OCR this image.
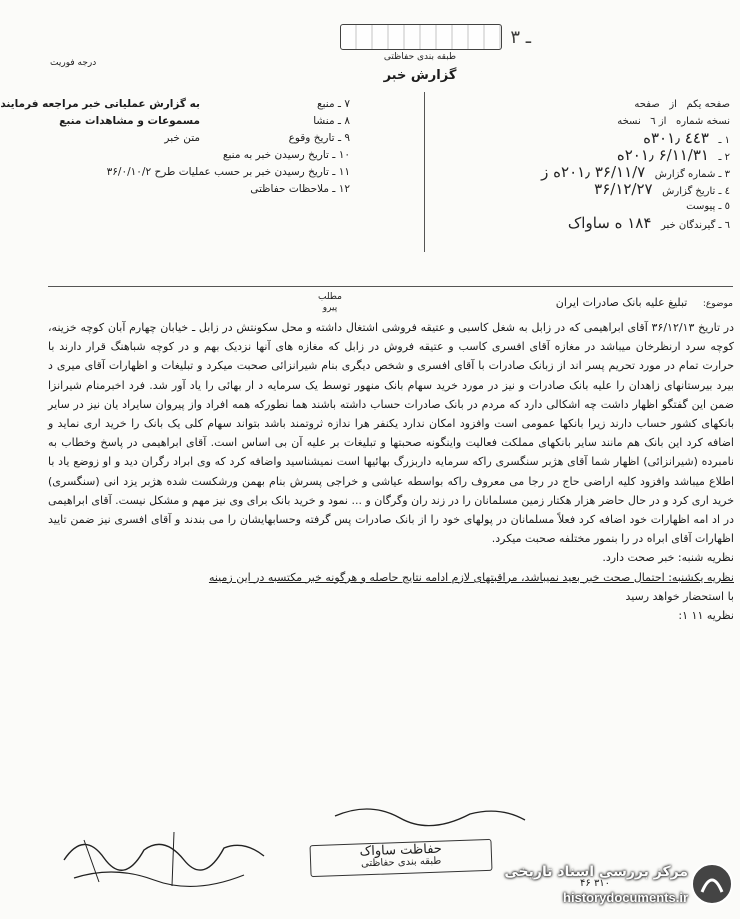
ـ ٣
طبقه بندی حفاظتی
گزارش خبر
درجه فوریت
صفحه یکم   از   صفحه
نسخه شماره   از ٦   نسخه
١ ـ   ٤٤٣ ۳۰۱٫ه
٢ ـ   ۶/۱۱/۳۱ ۲۰۱٫ه
٣ ـ شماره گزارش   ۳۶/۱۱/۷ ۲۰۱٫ه ز
٤ ـ تاریخ گزارش   ۳۶/۱۲/۲۷
٥ ـ پیوست
٦ ـ گیرندگان خبر   ۱۸۴ ه ساواک
٧ ـ منبعبه گزارش عملیاتی خبر مراجعه فرمایند
٨ ـ منشامسموعات و مشاهدات منبع
٩ ـ تاریخ وقوعمتن خبر
١٠ ـ تاریخ رسیدن خبر به منبع
١١ ـ تاریخ رسیدن خبر بر حسب عملیات طرح ۳۶/۰/۱۰/۲
١٢ ـ ملاحظات حفاظتی
مطلب
پیرو	موضوع: تبلیغ علیه بانک صادرات ایران

در تاریخ ۳۶/۱۲/۱۳ آقای ابراهیمی که در زابل به شغل کاسبی و عتیقه فروشی اشتغال داشته و محل سکونتش در زابل ـ خیابان چهارم آبان کوچه خزینه، کوچه سرد ارنظرخان میباشد در مغازه آقای افسری کاسب و عتیقه فروش در زابل که مغازه های آنها نزدیک بهم و در کوچه شباهنگ قرار دارند با حرارت تمام در مورد تحریم پسر اند از زبانک صادرات با آقای افسری و شخص دیگری بنام شیرانزائی صحبت میکرد و تبلیغات و اظهارات آقای میری د بیرد بیرستانهای زاهدان را علیه بانک صادرات و نیز در مورد خرید سهام بانک منهور توسط یک سرمایه د ار بهائی را یاد آور شد. فرد اخبرمنام شیرانزا ضمن این گفتگو اظهار داشت چه اشکالی دارد که مردم در بانک صادرات حساب داشته باشند هما نطورکه همه افراد واز پیروان سایراد یان نیز در سایر بانکهای کشور حساب دارند زیرا بانکها عمومی است وافزود امکان ندارد یکنفر هرا ندازه ثروتمند باشد بتواند سهام کلی یک بانک را خرید اری نماید و اضافه کرد این بانک هم مانند سایر بانکهای مملکت فعالیت واینگونه صحبتها و تبلیغات بر علیه آن بی اساس است. آقای ابراهیمی در پاسخ وخطاب به نامبرده (شیرانزائی) اظهار شما آقای هژبر سنگسری راکه سرمایه داربزرگ بهائیها است نمیشناسید واضافه کرد که وی ابراد رگران دید و او زوضع یاد با اطلاع میباشد وافزود کلیه اراضی حاج در رجا می معروف راکه بواسطه عیاشی و خراجی پسرش بنام بهمن ورشکست شده هژبر یزد انی (سنگسری) خرید اری کرد و در حال حاضر هزار هکتار زمین مسلمانان را در زند ران وگرگان و ... نمود و خرید بانک برای وی نیز مهم و مشکل نیست. آقای ابراهیمی در اد امه اظهارات خود اضافه کرد فعلاً مسلمانان در پولهای خود را از بانک صادرات پس گرفته وحسابهایشان را می بندند و آقای افسری نیز ضمن تایید اظهارات آقای ابراه در را بنمور مختلفه صحبت میکرد.

نظریه شنبه: خبر صحت دارد.

نظریه یکشنبه: احتمال صحت خبر بعید نمیباشد، مراقبتهای لازم ادامه نتایج حاصله و هرگونه خبر مکتسبه در این زمینه

با استحضار خواهد رسید

نظریه ۱۱ ۱:

حفاظت ساواک
طبقه بندی حفاظتی
۳۱۰ ۴۶
مرکز بررسی اسناد تاریخی
historydocuments.ir
